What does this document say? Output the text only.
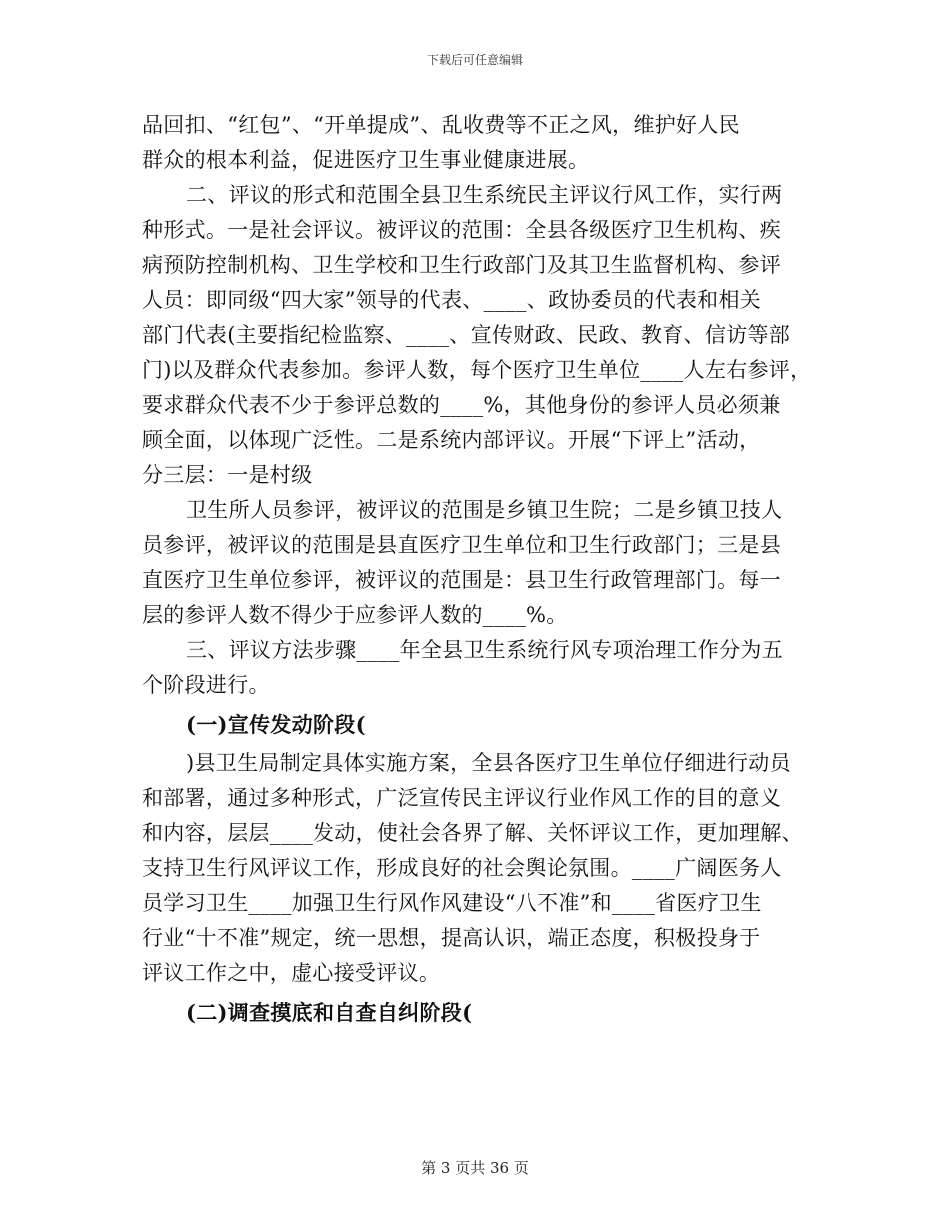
下载后可任意编辑
品回扣、“红包”、“开单提成”、乱收费等不正之风，维护好人民
群众的根本利益，促进医疗卫生事业健康进展。
二、评议的形式和范围全县卫生系统民主评议行风工作，实行两
种形式。一是社会评议。被评议的范围：全县各级医疗卫生机构、疾
病预防控制机构、卫生学校和卫生行政部门及其卫生监督机构、参评
人员：即同级“四大家”领导的代表、____、政协委员的代表和相关
部门代表(主要指纪检监察、____、宣传财政、民政、教育、信访等部
门)以及群众代表参加。参评人数，每个医疗卫生单位____人左右参评，
要求群众代表不少于参评总数的____%，其他身份的参评人员必须兼
顾全面，以体现广泛性。二是系统内部评议。开展“下评上”活动，
分三层：一是村级
卫生所人员参评，被评议的范围是乡镇卫生院；二是乡镇卫技人
员参评，被评议的范围是县直医疗卫生单位和卫生行政部门；三是县
直医疗卫生单位参评，被评议的范围是：县卫生行政管理部门。每一
层的参评人数不得少于应参评人数的____%。
三、评议方法步骤____年全县卫生系统行风专项治理工作分为五
个阶段进行。
(一)宣传发动阶段(
)县卫生局制定具体实施方案，全县各医疗卫生单位仔细进行动员
和部署，通过多种形式，广泛宣传民主评议行业作风工作的目的意义
和内容，层层____发动，使社会各界了解、关怀评议工作，更加理解、
支持卫生行风评议工作，形成良好的社会舆论氛围。____广阔医务人
员学习卫生____加强卫生行风作风建设“八不准”和____省医疗卫生
行业“十不准”规定，统一思想，提高认识，端正态度，积极投身于
评议工作之中，虚心接受评议。
(二)调查摸底和自查自纠阶段(
第 3 页共 36 页
